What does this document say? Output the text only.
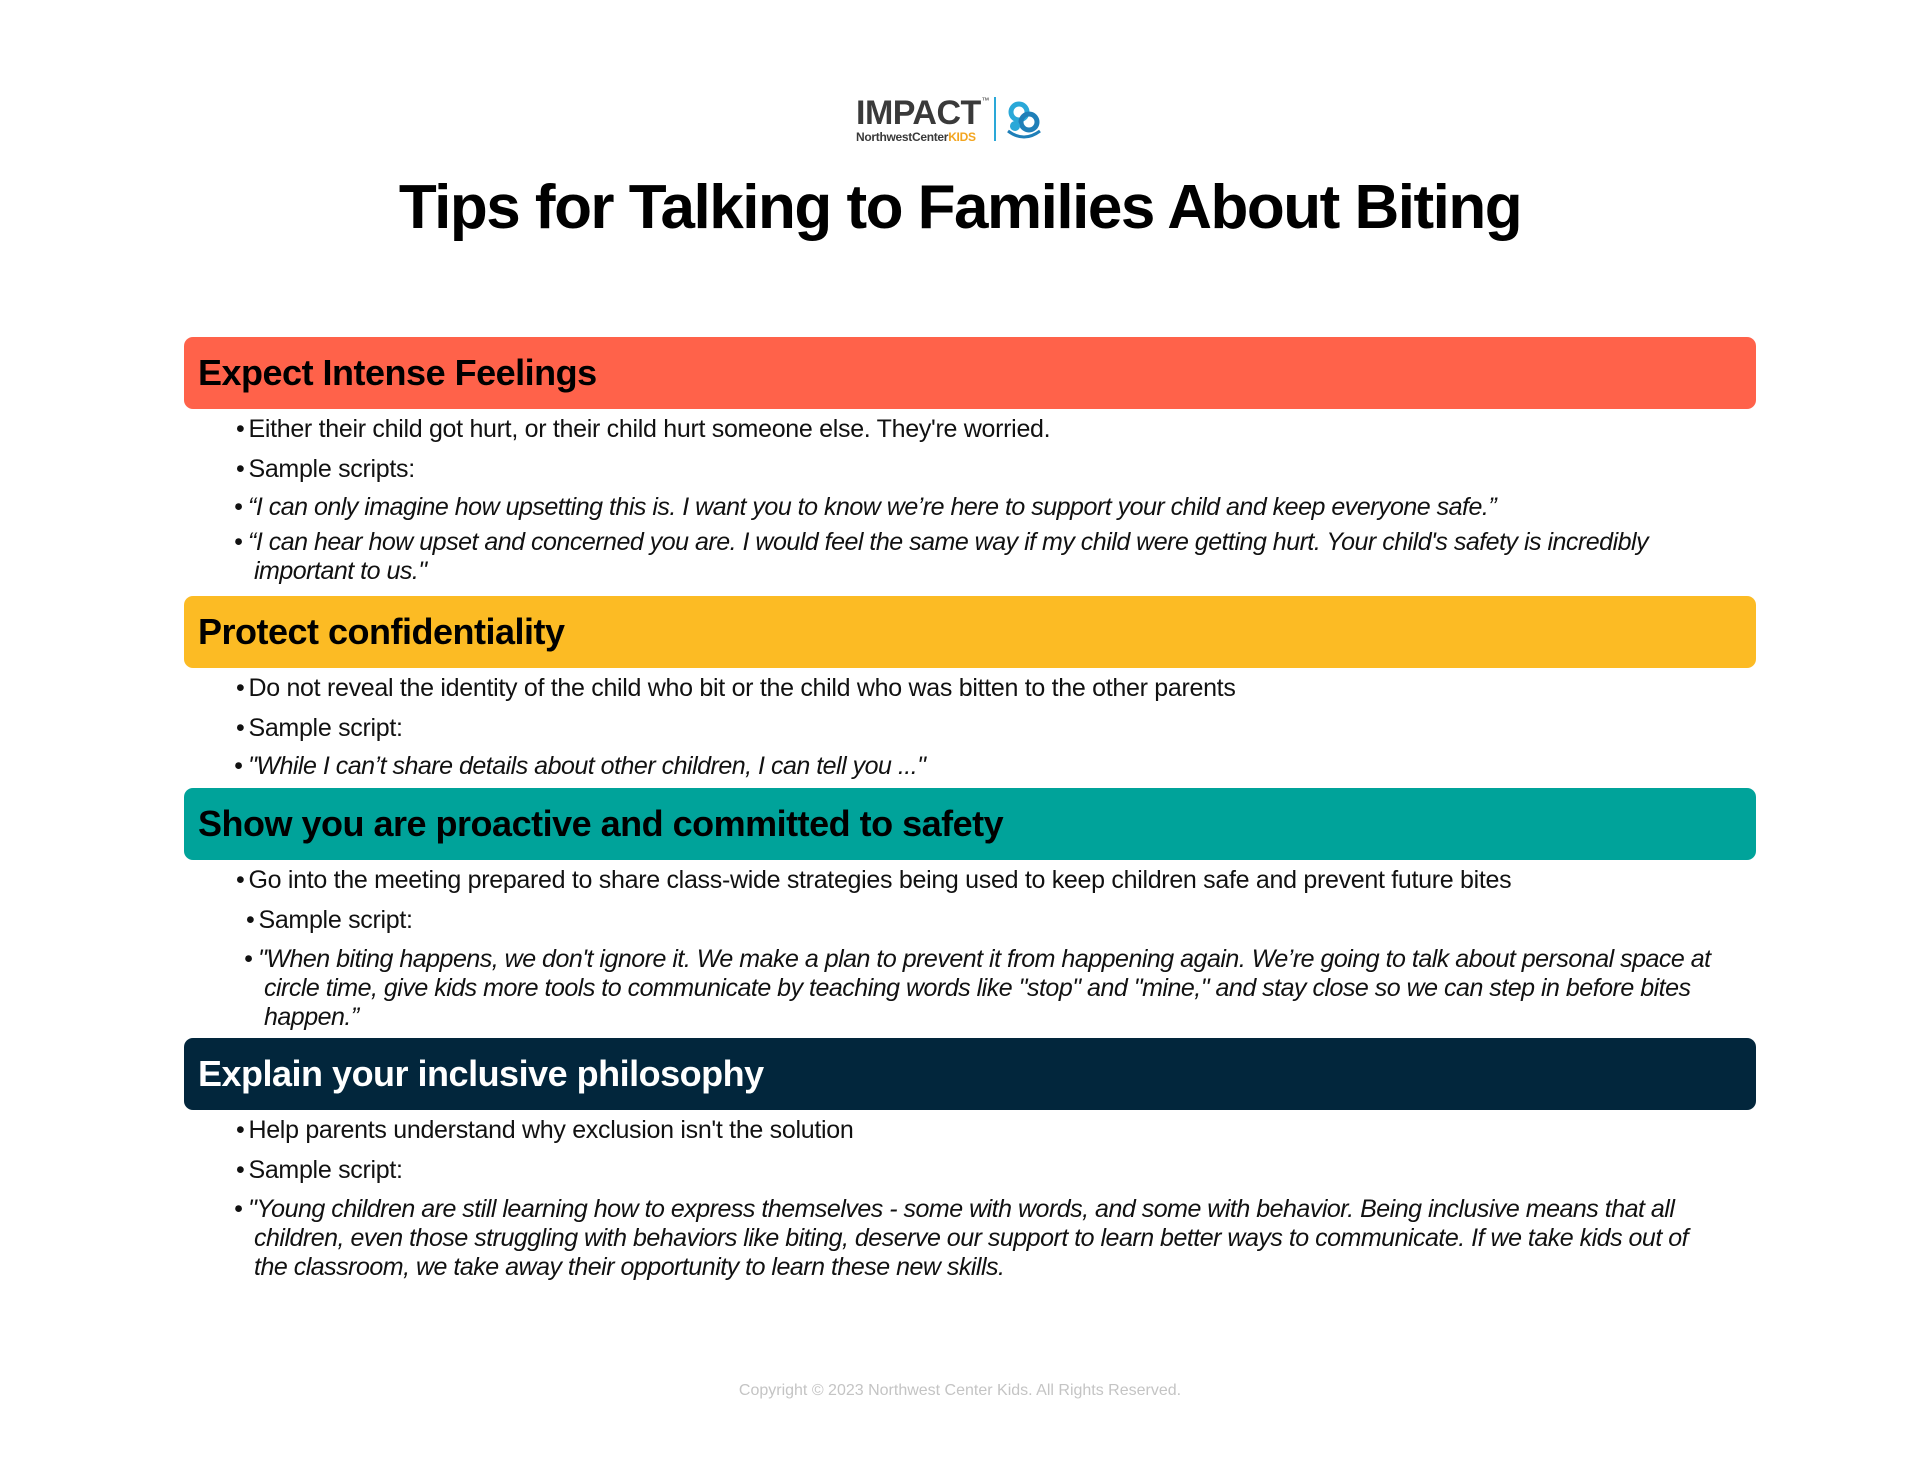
IMPACT ™
NorthwestCenterKIDS
Tips for Talking to Families About Biting
Expect Intense Feelings

• Either their child got hurt, or their child hurt someone else. They're worried.

• Sample scripts:

• “I can only imagine how upsetting this is. I want you to know we’re here to support your child and keep everyone safe.”

• “I can hear how upset and concerned you are. I would feel the same way if my child were getting hurt. Your child's safety is incredibly important to us."

Protect confidentiality

• Do not reveal the identity of the child who bit or the child who was bitten to the other parents

• Sample script:

• "While I can’t share details about other children, I can tell you ..."

Show you are proactive and committed to safety

• Go into the meeting prepared to share class-wide strategies being used to keep children safe and prevent future bites

• Sample script:

• "When biting happens, we don't ignore it. We make a plan to prevent it from happening again. We’re going to talk about personal space at circle time, give kids more tools to communicate by teaching words like "stop" and "mine," and stay close so we can step in before bites happen.”

Explain your inclusive philosophy

• Help parents understand why exclusion isn't the solution

• Sample script:

• "Young children are still learning how to express themselves - some with words, and some with behavior. Being inclusive means that all children, even those struggling with behaviors like biting, deserve our support to learn better ways to communicate. If we take kids out of the classroom, we take away their opportunity to learn these new skills.

Copyright © 2023 Northwest Center Kids. All Rights Reserved.
